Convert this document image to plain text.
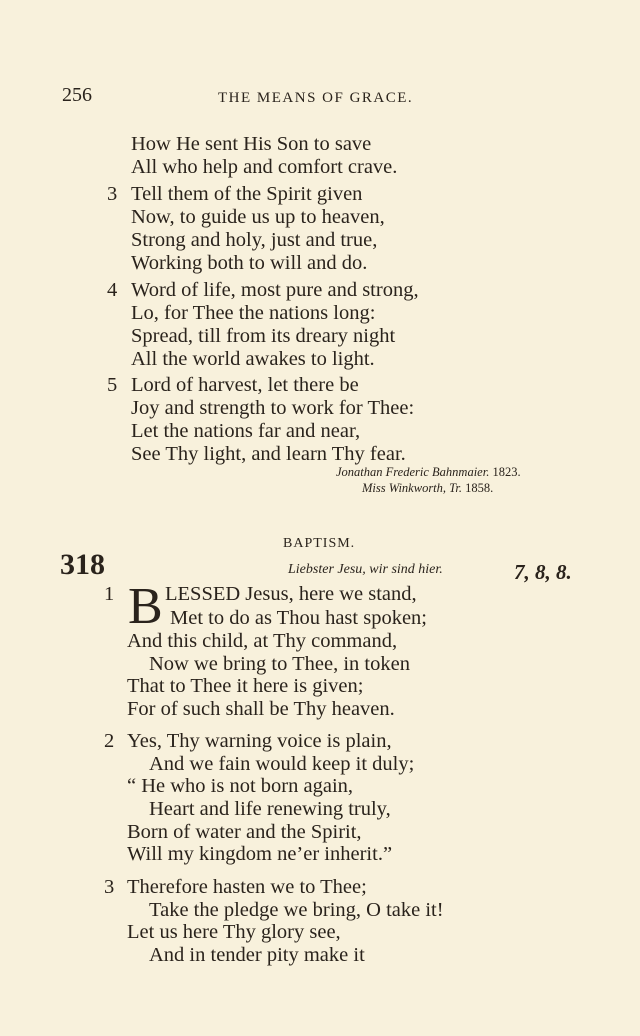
256	THE MEANS OF GRACE.
How He sent His Son to save
All who help and comfort crave.
3 Tell them of the Spirit given
Now, to guide us up to heaven,
Strong and holy, just and true,
Working both to will and do.
4 Word of life, most pure and strong,
Lo, for Thee the nations long:
Spread, till from its dreary night
All the world awakes to light.
5 Lord of harvest, let there be
Joy and strength to work for Thee:
Let the nations far and near,
See Thy light, and learn Thy fear.
Jonathan Frederic Bahnmaier. 1823.
Miss Winkworth, Tr. 1858.
BAPTISM.
318	Liebster Jesu, wir sind hier.	7, 8, 8.
1 B LESSED Jesus, here we stand,
Met to do as Thou hast spoken;
And this child, at Thy command,
Now we bring to Thee, in token
That to Thee it here is given;
For of such shall be Thy heaven.
2 Yes, Thy warning voice is plain,
And we fain would keep it duly;
“ He who is not born again,
Heart and life renewing truly,
Born of water and the Spirit,
Will my kingdom ne’er inherit.”
3 Therefore hasten we to Thee;
Take the pledge we bring, O take it!
Let us here Thy glory see,
And in tender pity make it
